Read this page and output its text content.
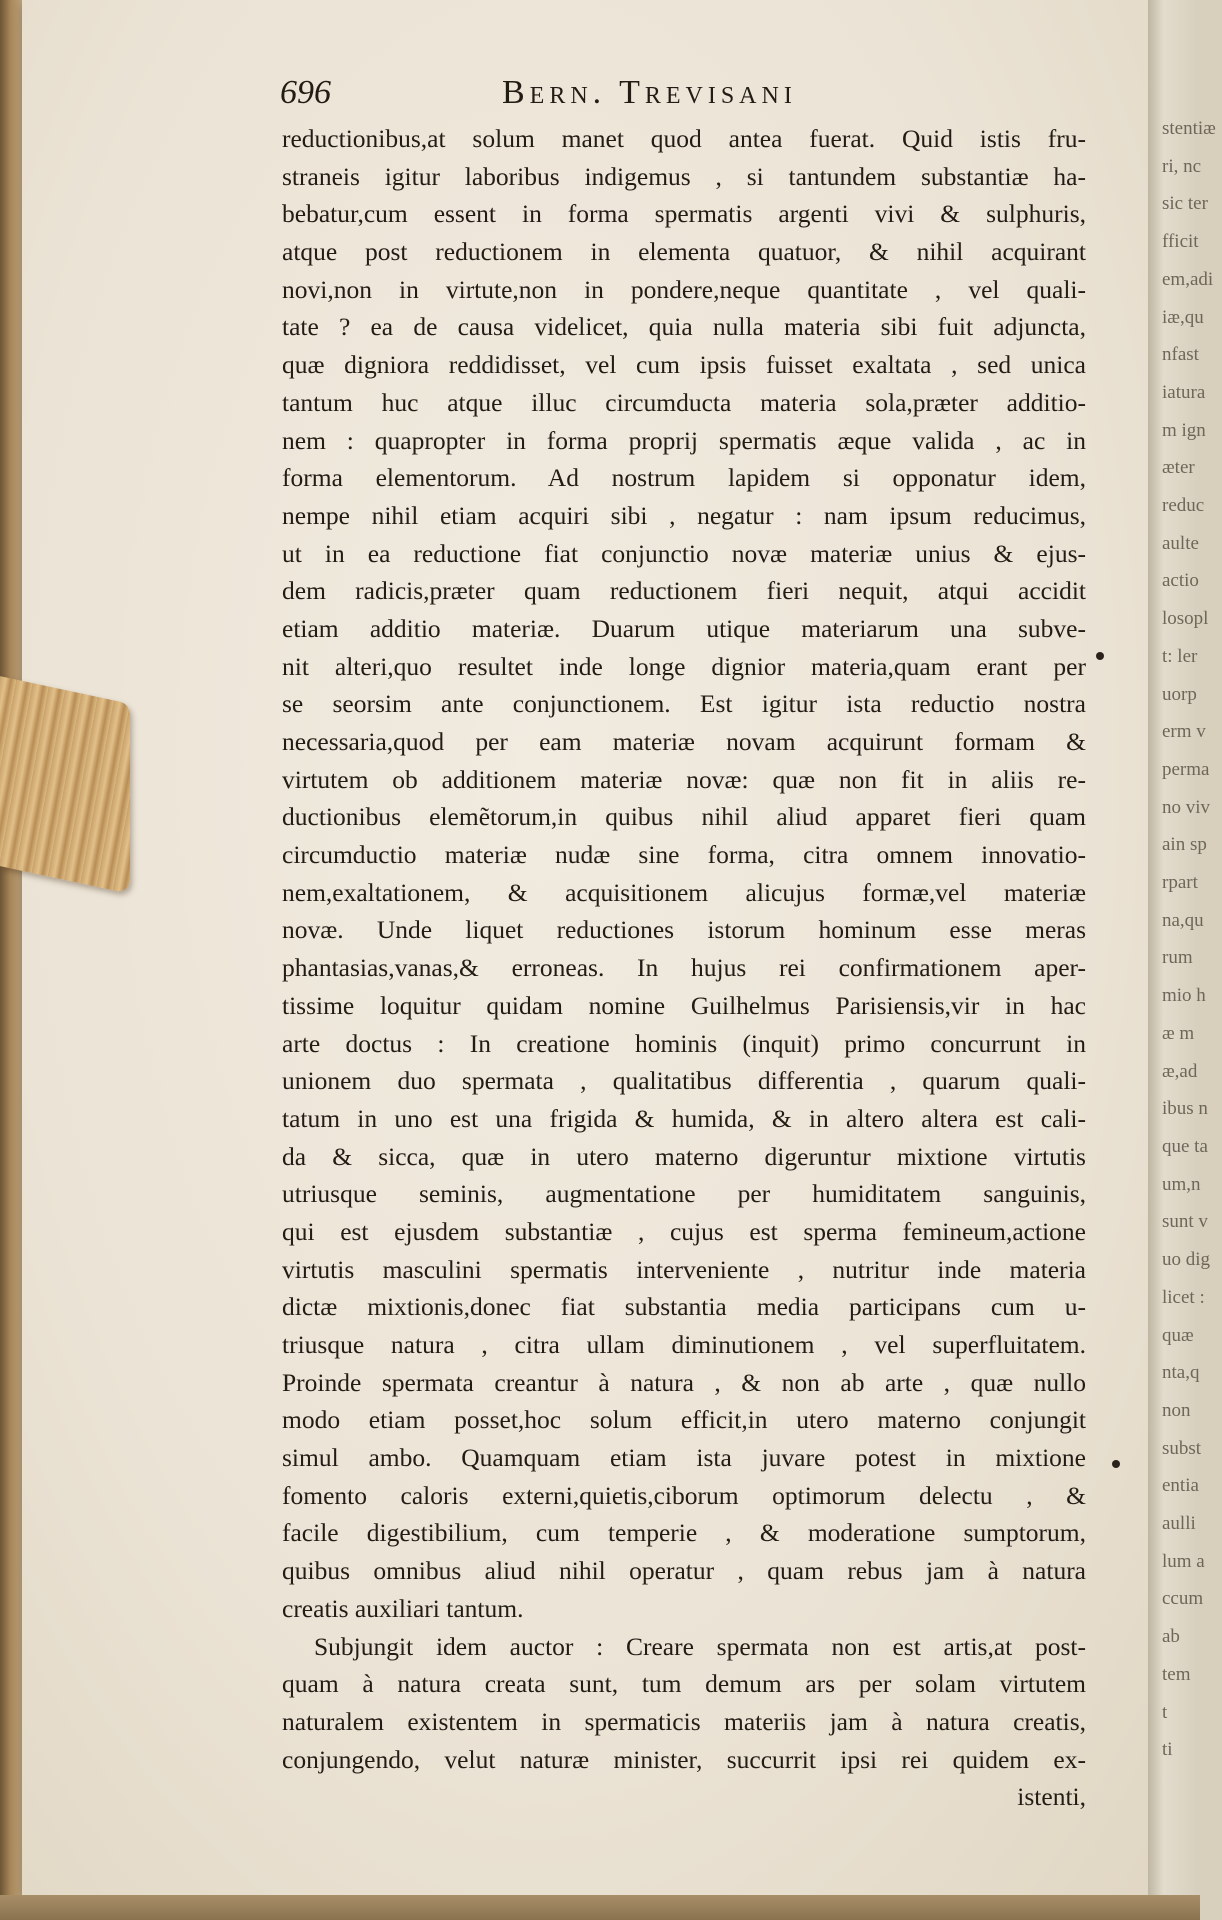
stentiæ
ri, nc
sic ter
fficit
em,adi
iæ,qu
nfast
iatura
m ign
æter
reduc
aulte
actio
losopl
t: ler
uorp
erm v
perma
no viv
ain sp
rpart
na,qu
rum
mio h
æ m
æ,ad
ibus n
que ta
um,n
sunt v
uo dig
licet :
quæ
nta,q
non
subst
entia
aulli
lum a
ccum
ab
tem
t
ti
696	Bern. Trevisani
reductionibus,at solum manet quod antea fuerat. Quid istis fru-
straneis igitur laboribus indigemus , si tantundem substantiæ ha-
bebatur,cum essent in forma spermatis argenti vivi & sulphuris,
atque post reductionem in elementa quatuor, & nihil acquirant
novi,non in virtute,non in pondere,neque quantitate , vel quali-
tate ? ea de causa videlicet, quia nulla materia sibi fuit adjuncta,
quæ digniora reddidisset, vel cum ipsis fuisset exaltata , sed unica
tantum huc atque illuc circumducta materia sola,præter additio-
nem : quapropter in forma proprij spermatis æque valida , ac in
forma elementorum. Ad nostrum lapidem si opponatur idem,
nempe nihil etiam acquiri sibi , negatur : nam ipsum reducimus,
ut in ea reductione fiat conjunctio novæ materiæ unius & ejus-
dem radicis,præter quam reductionem fieri nequit, atqui accidit
etiam additio materiæ. Duarum utique materiarum una subve-
nit alteri,quo resultet inde longe dignior materia,quam erant per
se seorsim ante conjunctionem. Est igitur ista reductio nostra
necessaria,quod per eam materiæ novam acquirunt formam &
virtutem ob additionem materiæ novæ: quæ non fit in aliis re-
ductionibus elemẽtorum,in quibus nihil aliud apparet fieri quam
circumductio materiæ nudæ sine forma, citra omnem innovatio-
nem,exaltationem, & acquisitionem alicujus formæ,vel materiæ
novæ. Unde liquet reductiones istorum hominum esse meras
phantasias,vanas,& erroneas. In hujus rei confirmationem aper-
tissime loquitur quidam nomine Guilhelmus Parisiensis,vir in hac
arte doctus : In creatione hominis (inquit) primo concurrunt in
unionem duo spermata , qualitatibus differentia , quarum quali-
tatum in uno est una frigida & humida, & in altero altera est cali-
da & sicca, quæ in utero materno digeruntur mixtione virtutis
utriusque seminis, augmentatione per humiditatem sanguinis,
qui est ejusdem substantiæ , cujus est sperma femineum,actione
virtutis masculini spermatis interveniente , nutritur inde materia
dictæ mixtionis,donec fiat substantia media participans cum u-
triusque natura , citra ullam diminutionem , vel superfluitatem.
Proinde spermata creantur à natura , & non ab arte , quæ nullo
modo etiam posset,hoc solum efficit,in utero materno conjungit
simul ambo. Quamquam etiam ista juvare potest in mixtione
fomento caloris externi,quietis,ciborum optimorum delectu , &
facile digestibilium, cum temperie , & moderatione sumptorum,
quibus omnibus aliud nihil operatur , quam rebus jam à natura
creatis auxiliari tantum.
Subjungit idem auctor : Creare spermata non est artis,at post-
quam à natura creata sunt, tum demum ars per solam virtutem
naturalem existentem in spermaticis materiis jam à natura creatis,
conjungendo, velut naturæ minister, succurrit ipsi rei quidem ex-
istenti,
